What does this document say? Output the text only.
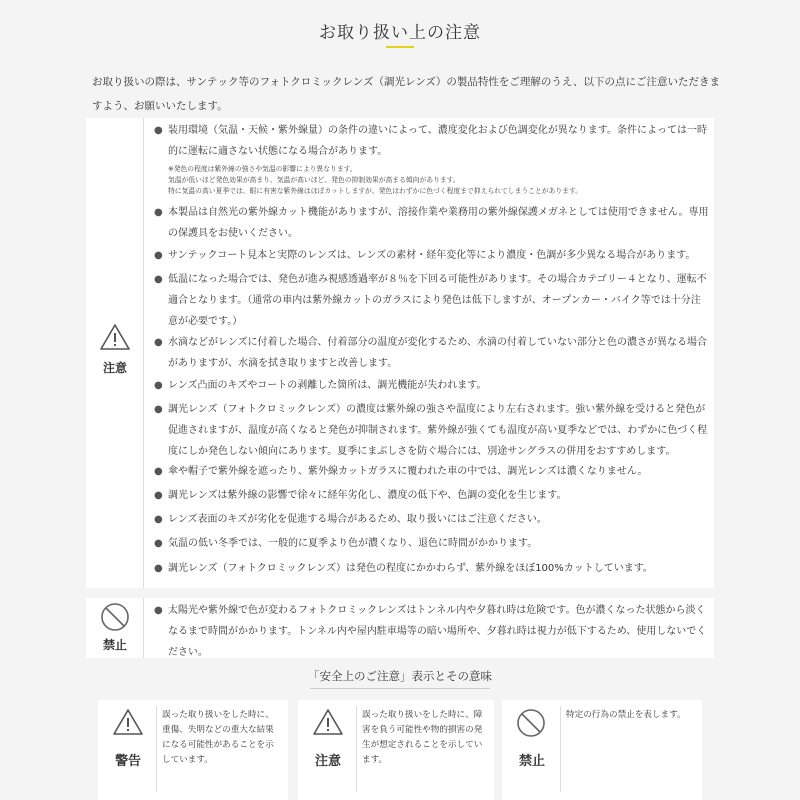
お取り扱い上の注意
お取り扱いの際は、サンテック等のフォトクロミックレンズ（調光レンズ）の製品特性をご理解のうえ、以下の点にご注意いただきますよう、お願いいたします。
注意
● 装用環境（気温・天候・紫外線量）の条件の違いによって、濃度変化および色調変化が異なります。条件によっては一時的に運転に適さない状態になる場合があります。
※発色の程度は紫外線の強さや気温の影響により異なります。
気温が低いほど発色効果が高まり、気温が高いほど、発色の抑制効果が高まる傾向があります。
特に気温の高い夏季では、眼に有害な紫外線はほぼカットしますが、発色はわずかに色づく程度まで抑えられてしまうことがあります。
● 本製品は自然光の紫外線カット機能がありますが、溶接作業や業務用の紫外線保護メガネとしては使用できません。専用の保護具をお使いください。
● サンテックコート見本と実際のレンズは、レンズの素材・経年変化等により濃度・色調が多少異なる場合があります。
● 低温になった場合では、発色が進み視感透過率が８％を下回る可能性があります。その場合カテゴリー４となり、運転不適合となります。（通常の車内は紫外線カットのガラスにより発色は低下しますが、オープンカー・バイク等では十分注意が必要です。）
● 水滴などがレンズに付着した場合、付着部分の温度が変化するため、水滴の付着していない部分と色の濃さが異なる場合がありますが、水滴を拭き取りますと改善します。
● レンズ凸面のキズやコートの剥離した箇所は、調光機能が失われます。
● 調光レンズ（フォトクロミックレンズ）の濃度は紫外線の強さや温度により左右されます。強い紫外線を受けると発色が促進されますが、温度が高くなると発色が抑制されます。紫外線が強くても温度が高い夏季などでは、わずかに色づく程度にしか発色しない傾向にあります。夏季にまぶしさを防ぐ場合には、別途サングラスの併用をおすすめします。
● 傘や帽子で紫外線を遮ったり、紫外線カットガラスに覆われた車の中では、調光レンズは濃くなりません。
● 調光レンズは紫外線の影響で徐々に経年劣化し、濃度の低下や、色調の変化を生じます。
● レンズ表面のキズが劣化を促進する場合があるため、取り扱いにはご注意ください。
● 気温の低い冬季では、一般的に夏季より色が濃くなり、退色に時間がかかります。
● 調光レンズ（フォトクロミックレンズ）は発色の程度にかかわらず、紫外線をほぼ100%カットしています。
禁止
● 太陽光や紫外線で色が変わるフォトクロミックレンズはトンネル内や夕暮れ時は危険です。色が濃くなった状態から淡くなるまで時間がかかります。トンネル内や屋内駐車場等の暗い場所や、夕暮れ時は視力が低下するため、使用しないでください。
「安全上のご注意」表示とその意味
警告
誤った取り扱いをした時に、重傷、失明などの重大な結果になる可能性があることを示しています。	注意
誤った取り扱いをした時に、障害を負う可能性や物的損害の発生が想定されることを示しています。	禁止
特定の行為の禁止を表します。
